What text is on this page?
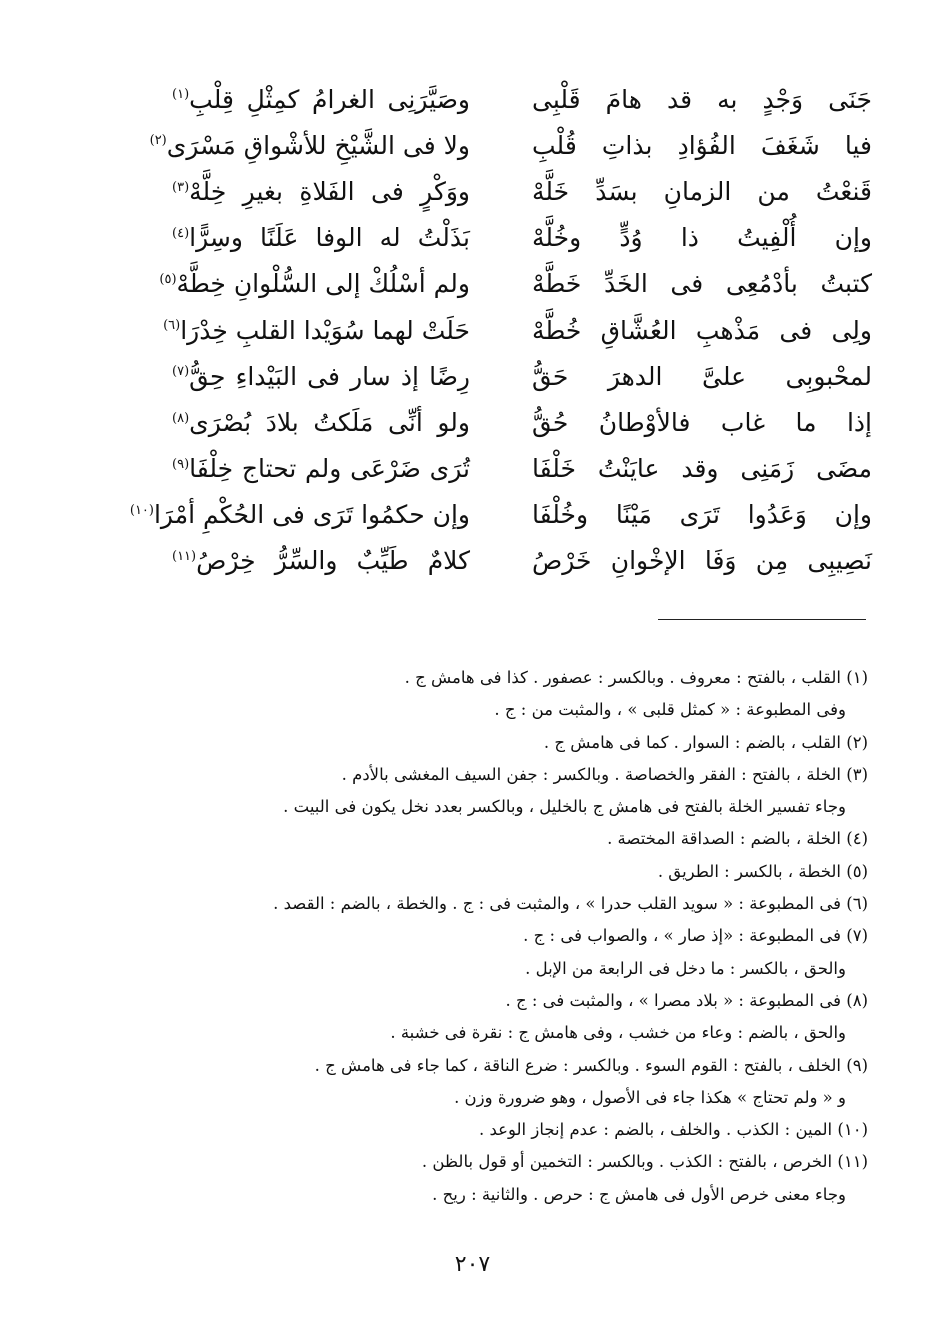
جَنَى وَجْدٍ به قد هامَ قَلْبِى
وصَيَّرَنِى الغرامُ كمِثْلِ قِلْبِ$^{(١)}$
فيا شَغَفَ الفُؤادِ بذاتِ قُلْبِ
ولا فى الشَّيْخِ للأشْواقِ مَسْرَى$^{(٢)}$
قَنعْتُ من الزمانِ بسَدِّ خَلَّهْ
ووَكْرٍ فى الفَلاةِ بغيرِ خِلَّهْ$^{(٣)}$
وإن أُلْفِيتُ ذا وُدٍّ وخُلَّهْ
بَذَلْتُ له الوفا عَلَنًا وسِرًّا$^{(٤)}$
كتبتُ بأدْمُعِى فى الخَدِّ خَطَّهْ
ولم أسْلُكْ إلى السُّلْوانِ خِطَّهْ$^{(٥)}$
ولِى فى مَذْهبِ العُشَّاقِ خُطَّهْ
حَلَتْ لهما سُوَيْدا القلبِ خِدْرَا$^{(٦)}$
لمحْبوبِى علىَّ الدهرَ حَقُّ
رِضًا إذ سار فى البَيْداءِ حِقُّ$^{(٧)}$
إذا ما غاب فالأوْطانُ حُقُّ
ولو أنِّى مَلَكتُ بلادَ بُصْرَى$^{(٨)}$
مضَى زَمَنِى وقد عايَنْتُ خَلْفَا
تُرَى ضَرْعَى ولم تحتاج خِلْفَا$^{(٩)}$
وإن وَعَدُوا تَرَى مَيْنًا وخُلْفَا
وإن حكمُوا تَرَى فى الحُكْمِ أمْرَا$^{(١٠)}$
نَصِيبِى مِن وَفَا الإخْوانِ خَرْصُ
كلامٌ طَيِّبٌ والسِّرُّ خِرْصُ$^{(١١)}$
(١) القلب ، بالفتح : معروف . وبالكسر : عصفور . كذا فى هامش ج .
وفى المطبوعة : « كمثل قلبى » ، والمثبت من : ج .
(٢) القلب ، بالضم : السوار . كما فى هامش ج .
(٣) الخلة ، بالفتح : الفقر والخصاصة . وبالكسر : جفن السيف المغشى بالأدم .
وجاء تفسير الخلة بالفتح فى هامش ج بالخليل ، وبالكسر بعدد نخل يكون فى البيت .
(٤) الخلة ، بالضم : الصداقة المختصة .
(٥) الخطة ، بالكسر : الطريق .
(٦) فى المطبوعة : « سويد القلب حدرا » ، والمثبت فى : ج . والخطة ، بالضم : القصد .
(٧) فى المطبوعة : «إذ صار » ، والصواب فى : ج .
والحق ، بالكسر : ما دخل فى الرابعة من الإبل .
(٨) فى المطبوعة : « بلاد مصرا » ، والمثبت فى : ج .
والحق ، بالضم : وعاء من خشب ، وفى هامش ج : نقرة فى خشبة .
(٩) الخلف ، بالفتح : القوم السوء . وبالكسر : ضرع الناقة ، كما جاء فى هامش ج .
و « ولم تحتاج » هكذا جاء فى الأصول ، وهو ضرورة وزن .
(١٠) المين : الكذب . والخلف ، بالضم : عدم إنجاز الوعد .
(١١) الخرص ، بالفتح : الكذب . وبالكسر : التخمين أو قول بالظن .
وجاء معنى خرص الأول فى هامش ج : حرص . والثانية : ريح .
٢٠٧
